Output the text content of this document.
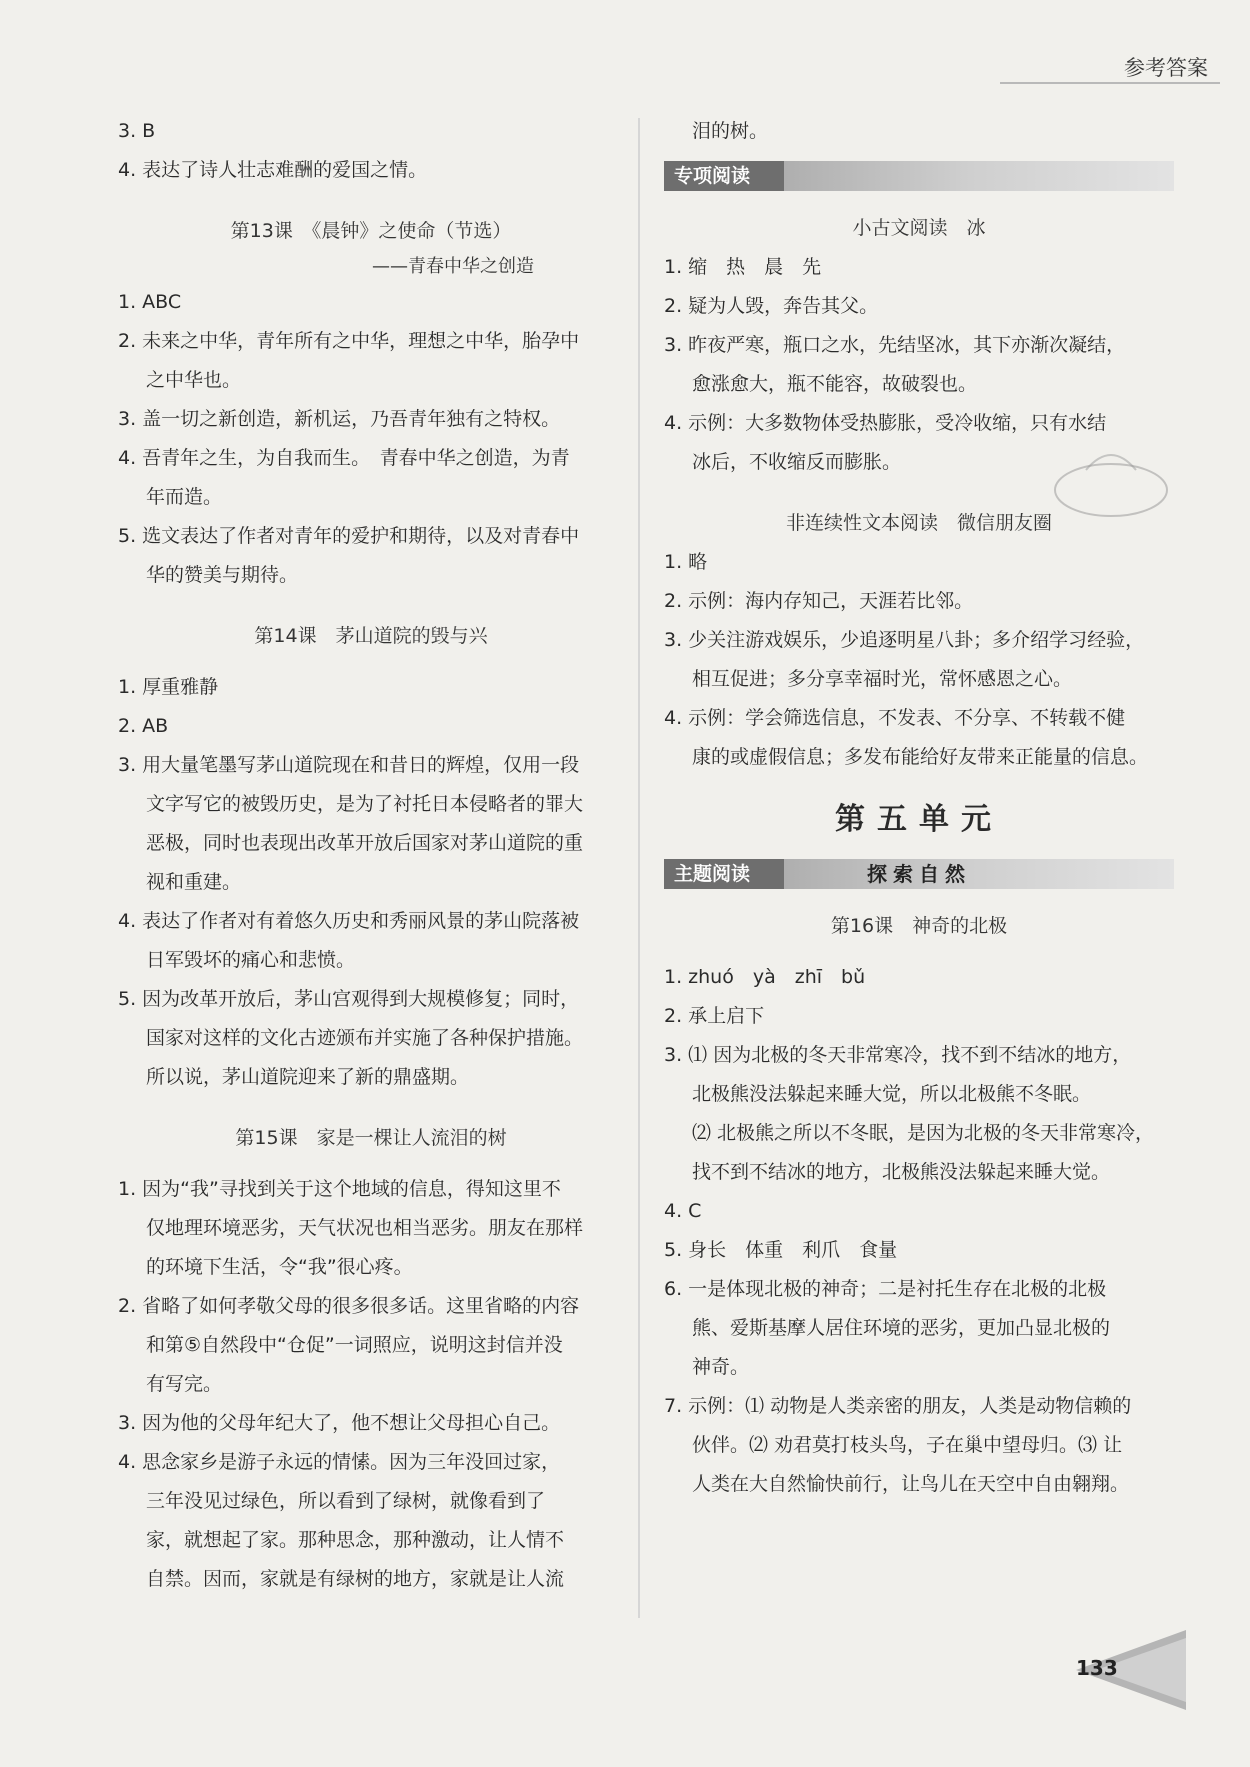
参考答案
3. B
4. 表达了诗人壮志难酬的爱国之情。
第13课　《晨钟》之使命（节选）
——青春中华之创造
1. ABC
2. 未来之中华，青年所有之中华，理想之中华，胎孕中
之中华也。
3. 盖一切之新创造，新机运，乃吾青年独有之特权。
4. 吾青年之生，为自我而生。　青春中华之创造，为青
年而造。
5. 选文表达了作者对青年的爱护和期待，以及对青春中
华的赞美与期待。
第14课　茅山道院的毁与兴
1. 厚重雅静
2. AB
3. 用大量笔墨写茅山道院现在和昔日的辉煌，仅用一段
文字写它的被毁历史，是为了衬托日本侵略者的罪大
恶极，同时也表现出改革开放后国家对茅山道院的重
视和重建。
4. 表达了作者对有着悠久历史和秀丽风景的茅山院落被
日军毁坏的痛心和悲愤。
5. 因为改革开放后，茅山宫观得到大规模修复；同时，
国家对这样的文化古迹颁布并实施了各种保护措施。
所以说，茅山道院迎来了新的鼎盛期。
第15课　家是一棵让人流泪的树
1. 因为“我”寻找到关于这个地域的信息，得知这里不
仅地理环境恶劣，天气状况也相当恶劣。朋友在那样
的环境下生活，令“我”很心疼。
2. 省略了如何孝敬父母的很多很多话。这里省略的内容
和第⑤自然段中“仓促”一词照应，说明这封信并没
有写完。
3. 因为他的父母年纪大了，他不想让父母担心自己。
4. 思念家乡是游子永远的情愫。因为三年没回过家，
三年没见过绿色，所以看到了绿树，就像看到了
家，就想起了家。那种思念，那种激动，让人情不
自禁。因而，家就是有绿树的地方，家就是让人流
泪的树。
专项阅读
小古文阅读　冰
1. 缩　热　晨　先
2. 疑为人毁，奔告其父。
3. 昨夜严寒，瓶口之水，先结坚冰，其下亦渐次凝结，
愈涨愈大，瓶不能容，故破裂也。
4. 示例：大多数物体受热膨胀，受冷收缩，只有水结
冰后，不收缩反而膨胀。
非连续性文本阅读　微信朋友圈
1. 略
2. 示例：海内存知己，天涯若比邻。
3. 少关注游戏娱乐，少追逐明星八卦；多介绍学习经验，
相互促进；多分享幸福时光，常怀感恩之心。
4. 示例：学会筛选信息，不发表、不分享、不转载不健
康的或虚假信息；多发布能给好友带来正能量的信息。
第五单元
探索自然
主题阅读
第16课　神奇的北极
1. zhuó　yà　zhī　bǔ
2. 承上启下
3. ⑴ 因为北极的冬天非常寒冷，找不到不结冰的地方，
北极熊没法躲起来睡大觉，所以北极熊不冬眠。
⑵ 北极熊之所以不冬眠，是因为北极的冬天非常寒冷，
找不到不结冰的地方，北极熊没法躲起来睡大觉。
4. C
5. 身长　体重　利爪　食量
6. 一是体现北极的神奇；二是衬托生存在北极的北极
熊、爱斯基摩人居住环境的恶劣，更加凸显北极的
神奇。
7. 示例：⑴ 动物是人类亲密的朋友，人类是动物信赖的
伙伴。⑵ 劝君莫打枝头鸟，子在巢中望母归。⑶ 让
人类在大自然愉快前行，让鸟儿在天空中自由翱翔。
133
